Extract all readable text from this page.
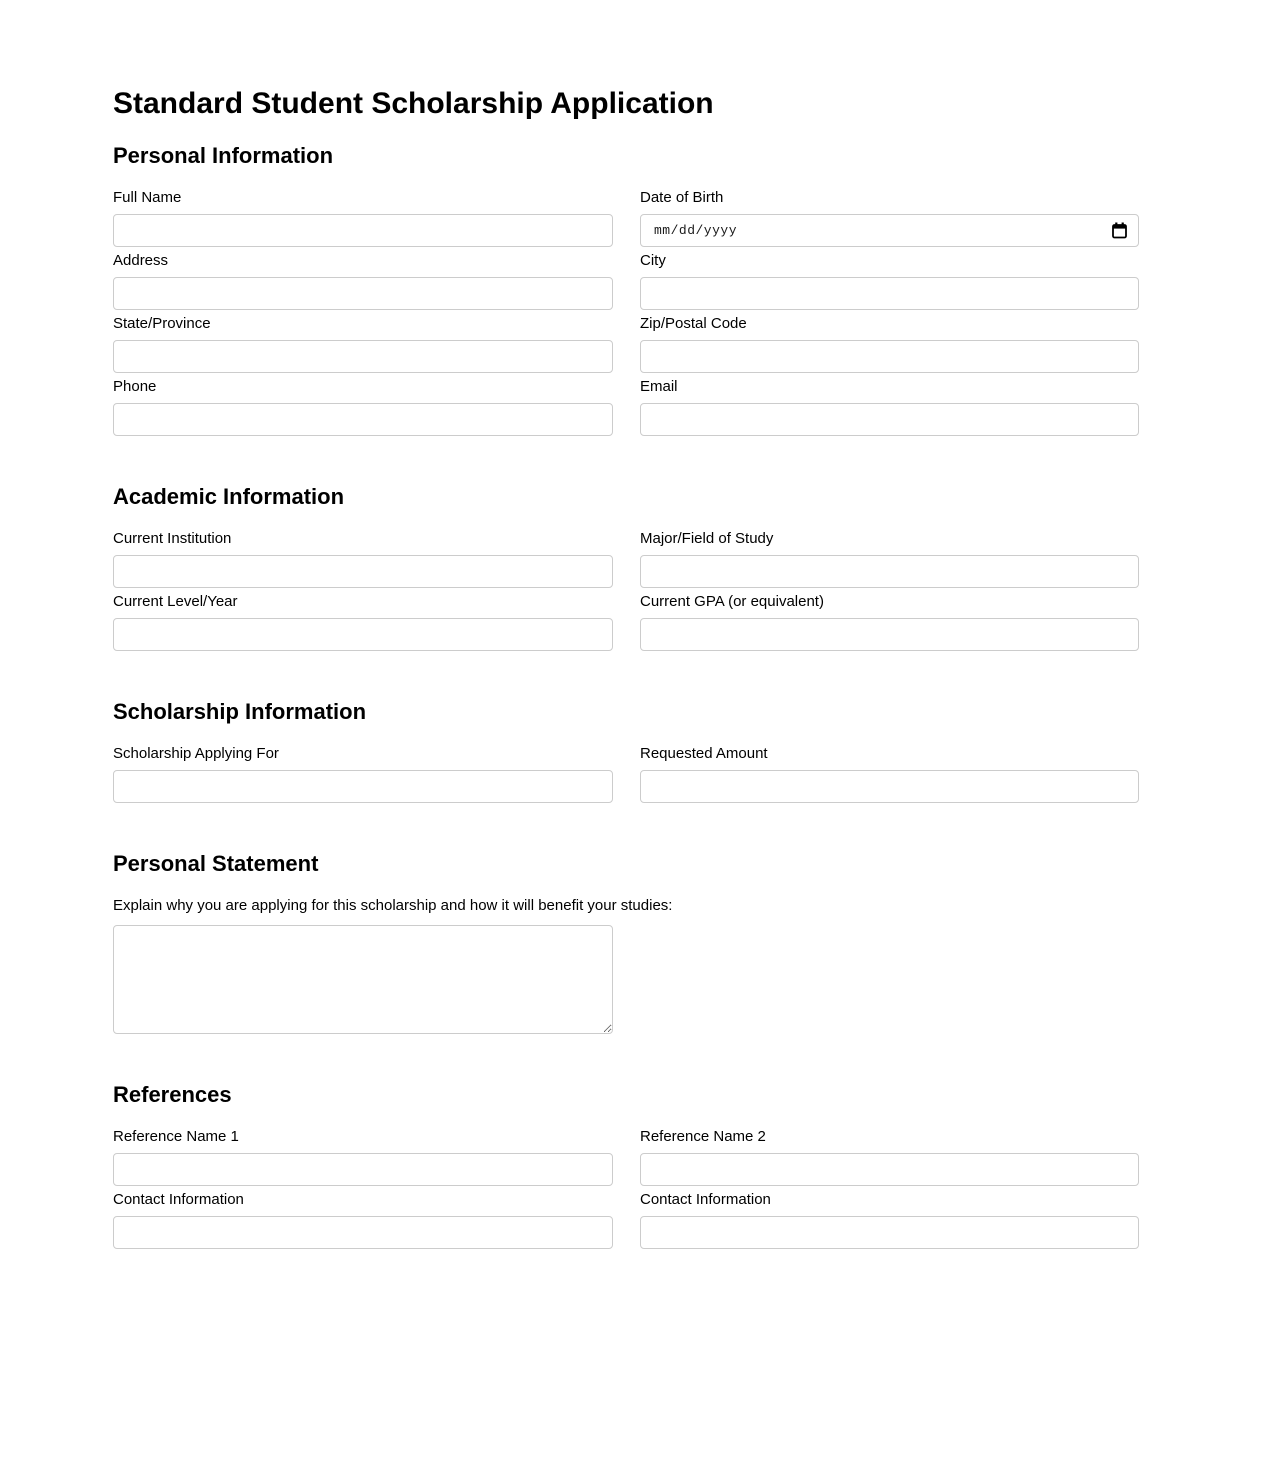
Standard Student Scholarship Application
Personal Information
Full Name	Date of Birth
mm/dd/yyyy
Address	City
State/Province	Zip/Postal Code
Phone	Email
Academic Information
Current Institution	Major/Field of Study
Current Level/Year	Current GPA (or equivalent)
Scholarship Information
Scholarship Applying For	Requested Amount
Personal Statement
Explain why you are applying for this scholarship and how it will benefit your studies:
References
Reference Name 1	Reference Name 2
Contact Information	Contact Information
